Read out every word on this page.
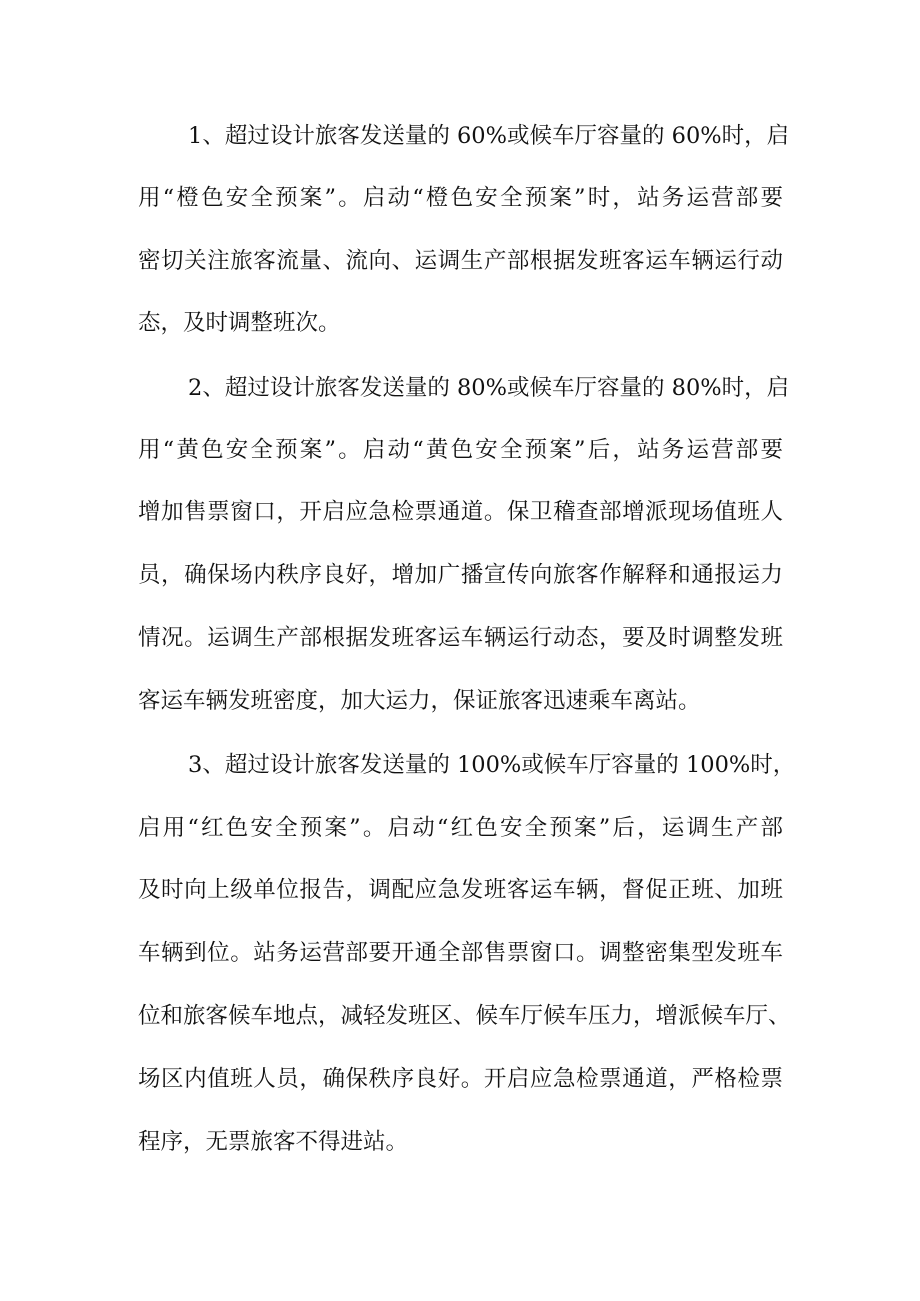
1、超过设计旅客发送量的 60%或候车厅容量的 60%时，启
用“橙色安全预案”。启动“橙色安全预案”时，站务运营部要
密切关注旅客流量、流向、运调生产部根据发班客运车辆运行动
态，及时调整班次。
2、超过设计旅客发送量的 80%或候车厅容量的 80%时，启
用“黄色安全预案”。启动“黄色安全预案”后，站务运营部要
增加售票窗口，开启应急检票通道。保卫稽查部增派现场值班人
员，确保场内秩序良好，增加广播宣传向旅客作解释和通报运力
情况。运调生产部根据发班客运车辆运行动态，要及时调整发班
客运车辆发班密度，加大运力，保证旅客迅速乘车离站。
3、超过设计旅客发送量的 100%或候车厅容量的 100%时，
启用“红色安全预案”。启动“红色安全预案”后，运调生产部
及时向上级单位报告，调配应急发班客运车辆，督促正班、加班
车辆到位。站务运营部要开通全部售票窗口。调整密集型发班车
位和旅客候车地点，减轻发班区、候车厅候车压力，增派候车厅、
场区内值班人员，确保秩序良好。开启应急检票通道，严格检票
程序，无票旅客不得进站。
